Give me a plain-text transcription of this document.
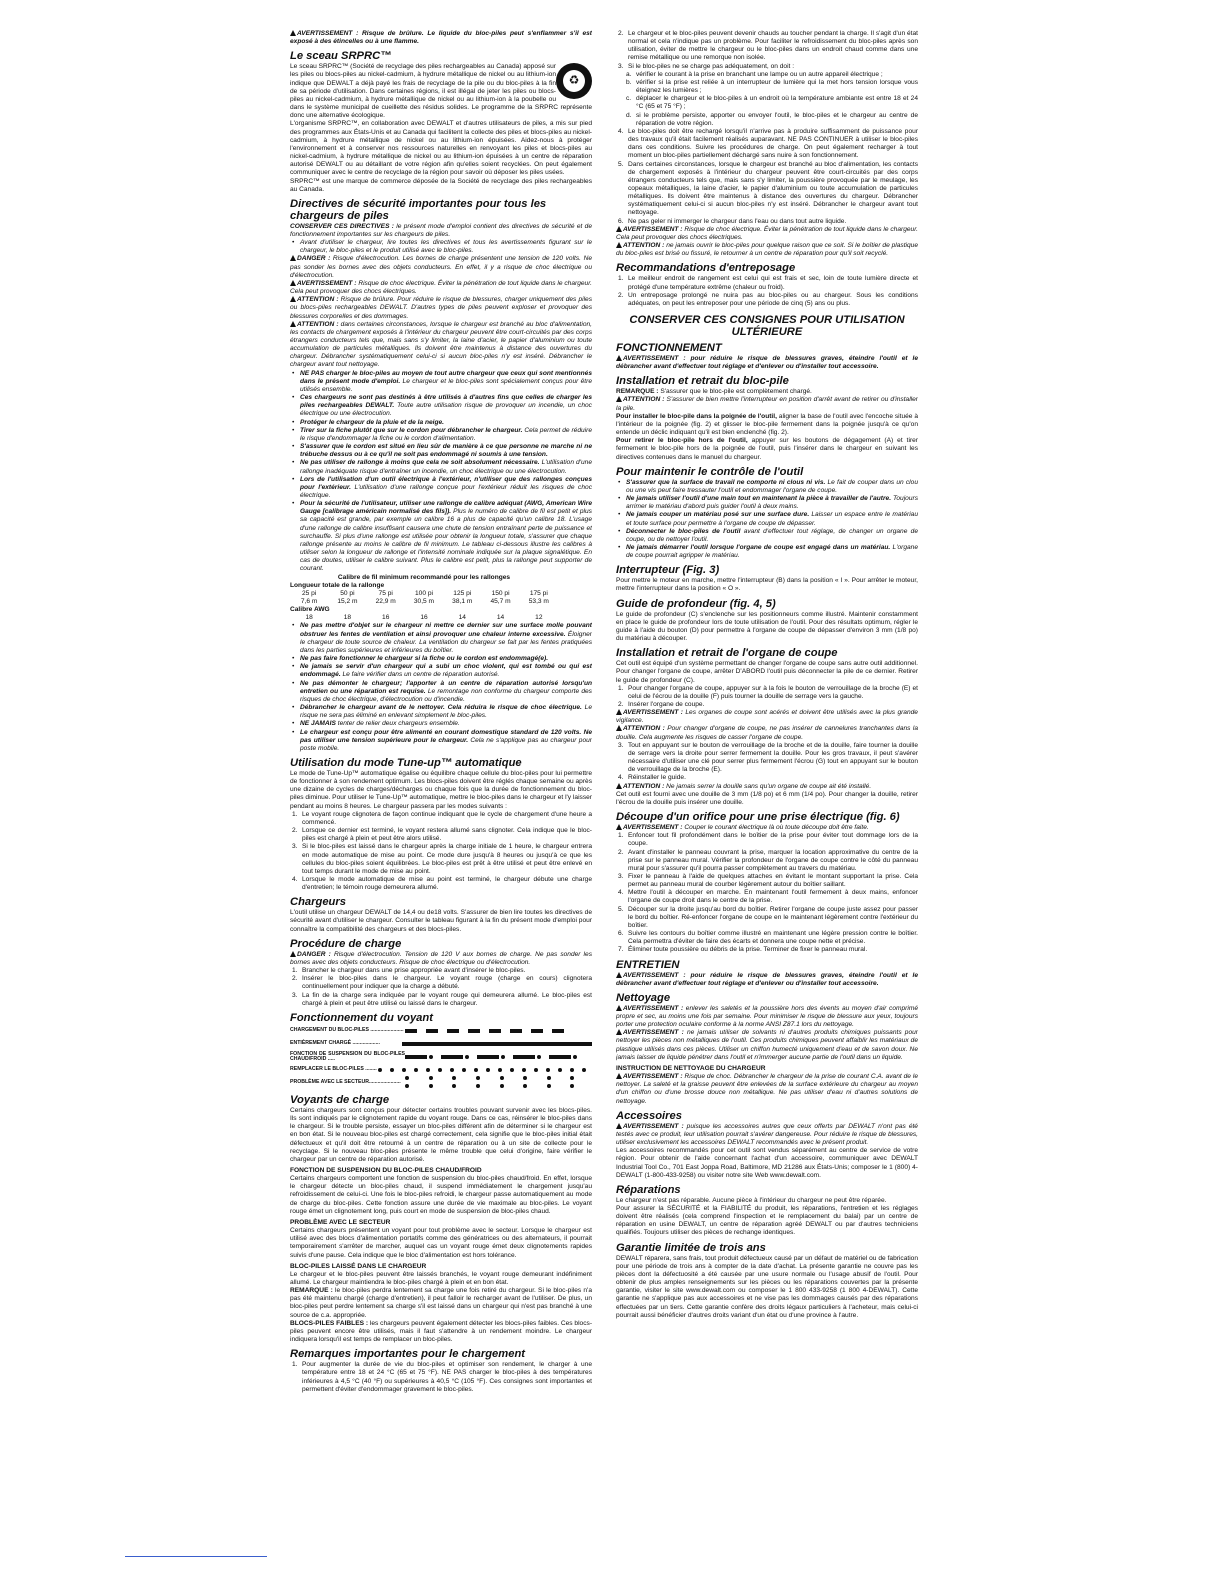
AVERTISSEMENT : Risque de brûlure. Le liquide du bloc-piles peut s'enflammer s'il est exposé à des étincelles ou à une flamme.

Le sceau SRPRC™
♻

Le sceau SRPRC™ (Société de recyclage des piles rechargeables au Canada) apposé sur les piles ou blocs-piles au nickel-cadmium, à hydrure métallique de nickel ou au lithium-ion indique que DEWALT a déjà payé les frais de recyclage de la pile ou du bloc-piles à la fin de sa période d'utilisation. Dans certaines régions, il est illégal de jeter les piles ou blocs-piles au nickel-cadmium, à hydrure métallique de nickel ou au lithium-ion à la poubelle ou dans le système municipal de cueillette des résidus solides. Le programme de la SRPRC représente donc une alternative écologique.

L'organisme SRPRC™, en collaboration avec DEWALT et d'autres utilisateurs de piles, a mis sur pied des programmes aux États-Unis et au Canada qui facilitent la collecte des piles et blocs-piles au nickel-cadmium, à hydrure métallique de nickel ou au lithium-ion épuisées. Aidez-nous à protéger l'environnement et à conserver nos ressources naturelles en renvoyant les piles et blocs-piles au nickel-cadmium, à hydrure métallique de nickel ou au lithium-ion épuisées à un centre de réparation autorisé DEWALT ou au détaillant de votre région afin qu'elles soient recyclées. On peut également communiquer avec le centre de recyclage de la région pour savoir où déposer les piles usées.

SRPRC™ est une marque de commerce déposée de la Société de recyclage des piles rechargeables au Canada.

Directives de sécurité importantes pour tous les chargeurs de piles

CONSERVER CES DIRECTIVES : le présent mode d'emploi contient des directives de sécurité et de fonctionnement importantes sur les chargeurs de piles.

• Avant d'utiliser le chargeur, lire toutes les directives et tous les avertissements figurant sur le chargeur, le bloc-piles et le produit utilisé avec le bloc-piles.

DANGER : Risque d'électrocution. Les bornes de charge présentent une tension de 120 volts. Ne pas sonder les bornes avec des objets conducteurs. En effet, il y a risque de choc électrique ou d'électrocution.

AVERTISSEMENT : Risque de choc électrique. Éviter la pénétration de tout liquide dans le chargeur. Cela peut provoquer des chocs électriques.

ATTENTION : Risque de brûlure. Pour réduire le risque de blessures, charger uniquement des piles ou blocs-piles rechargeables DEWALT. D'autres types de piles peuvent exploser et provoquer des blessures corporelles et des dommages.

ATTENTION : dans certaines circonstances, lorsque le chargeur est branché au bloc d'alimentation, les contacts de chargement exposés à l'intérieur du chargeur peuvent être court-circuités par des corps étrangers conducteurs tels que, mais sans s'y limiter, la laine d'acier, le papier d'aluminium ou toute accumulation de particules métalliques. Ils doivent être maintenus à distance des ouvertures du chargeur. Débrancher systématiquement celui-ci si aucun bloc-piles n'y est inséré. Débrancher le chargeur avant tout nettoyage.

• NE PAS charger le bloc-piles au moyen de tout autre chargeur que ceux qui sont mentionnés dans le présent mode d'emploi. Le chargeur et le bloc-piles sont spécialement conçus pour être utilisés ensemble.

• Ces chargeurs ne sont pas destinés à être utilisés à d'autres fins que celles de charger les piles rechargeables DEWALT. Toute autre utilisation risque de provoquer un incendie, un choc électrique ou une électrocution.

• Protéger le chargeur de la pluie et de la neige.

• Tirer sur la fiche plutôt que sur le cordon pour débrancher le chargeur. Cela permet de réduire le risque d'endommager la fiche ou le cordon d'alimentation.

• S'assurer que le cordon est situé en lieu sûr de manière à ce que personne ne marche ni ne trébuche dessus ou à ce qu'il ne soit pas endommagé ni soumis à une tension.

• Ne pas utiliser de rallonge à moins que cela ne soit absolument nécessaire. L'utilisation d'une rallonge inadéquate risque d'entraîner un incendie, un choc électrique ou une électrocution.

• Lors de l'utilisation d'un outil électrique à l'extérieur, n'utiliser que des rallonges conçues pour l'extérieur. L'utilisation d'une rallonge conçue pour l'extérieur réduit les risques de choc électrique.

• Pour la sécurité de l'utilisateur, utiliser une rallonge de calibre adéquat (AWG, American Wire Gauge [calibrage américain normalisé des fils]). Plus le numéro de calibre de fil est petit et plus sa capacité est grande, par exemple un calibre 16 a plus de capacité qu'un calibre 18. L'usage d'une rallonge de calibre insuffisant causera une chute de tension entraînant perte de puissance et surchauffe. Si plus d'une rallonge est utilisée pour obtenir la longueur totale, s'assurer que chaque rallonge présente au moins le calibre de fil minimum. Le tableau ci-dessous illustre les calibres à utiliser selon la longueur de rallonge et l'intensité nominale indiquée sur la plaque signalétique. En cas de doutes, utiliser le calibre suivant. Plus le calibre est petit, plus la rallonge peut supporter de courant.

Calibre de fil minimum recommandé pour les rallonges
Longueur totale de la rallonge
25 pi	50 pi	75 pi	100 pi	125 pi	150 pi	175 pi
7,6 m	15,2 m	22,9 m	30,5 m	38,1 m	45,7 m	53,3 m
Calibre AWG
18	18	16	16	14	14	12

• Ne pas mettre d'objet sur le chargeur ni mettre ce dernier sur une surface molle pouvant obstruer les fentes de ventilation et ainsi provoquer une chaleur interne excessive. Éloigner le chargeur de toute source de chaleur. La ventilation du chargeur se fait par les fentes pratiquées dans les parties supérieures et inférieures du boîtier.

• Ne pas faire fonctionner le chargeur si la fiche ou le cordon est endommagé(e).

• Ne jamais se servir d'un chargeur qui a subi un choc violent, qui est tombé ou qui est endommagé. Le faire vérifier dans un centre de réparation autorisé.

• Ne pas démonter le chargeur; l'apporter à un centre de réparation autorisé lorsqu'un entretien ou une réparation est requise. Le remontage non conforme du chargeur comporte des risques de choc électrique, d'électrocution ou d'incendie.

• Débrancher le chargeur avant de le nettoyer. Cela réduira le risque de choc électrique. Le risque ne sera pas éliminé en enlevant simplement le bloc-piles.

• NE JAMAIS tenter de relier deux chargeurs ensemble.

• Le chargeur est conçu pour être alimenté en courant domestique standard de 120 volts. Ne pas utiliser une tension supérieure pour le chargeur. Cela ne s'applique pas au chargeur pour poste mobile.

Utilisation du mode Tune-up™ automatique

Le mode de Tune-Up™ automatique égalise ou équilibre chaque cellule du bloc-piles pour lui permettre de fonctionner à son rendement optimum. Les blocs-piles doivent être réglés chaque semaine ou après une dizaine de cycles de charges/décharges ou chaque fois que la durée de fonctionnement du bloc-piles diminue. Pour utiliser le Tune-Up™ automatique, mettre le bloc-piles dans le chargeur et l'y laisser pendant au moins 8 heures. Le chargeur passera par les modes suivants :

1. Le voyant rouge clignotera de façon continue indiquant que le cycle de chargement d'une heure a commencé.

2. Lorsque ce dernier est terminé, le voyant restera allumé sans clignoter. Cela indique que le bloc-piles est chargé à plein et peut être alors utilisé.

3. Si le bloc-piles est laissé dans le chargeur après la charge initiale de 1 heure, le chargeur entrera en mode automatique de mise au point. Ce mode dure jusqu'à 8 heures ou jusqu'à ce que les cellules du bloc-piles soient équilibrées. Le bloc-piles est prêt à être utilisé et peut être enlevé en tout temps durant le mode de mise au point.

4. Lorsque le mode automatique de mise au point est terminé, le chargeur débute une charge d'entretien; le témoin rouge demeurera allumé.

Chargeurs

L'outil utilise un chargeur DEWALT de 14,4 ou de18 volts. S'assurer de bien lire toutes les directives de sécurité avant d'utiliser le chargeur. Consulter le tableau figurant à la fin du présent mode d'emploi pour connaître la compatibilité des chargeurs et des blocs-piles.

Procédure de charge

DANGER : Risque d'électrocution. Tension de 120 V aux bornes de charge. Ne pas sonder les bornes avec des objets conducteurs. Risque de choc électrique ou d'électrocution.

1. Brancher le chargeur dans une prise appropriée avant d'insérer le bloc-piles.

2. Insérer le bloc-piles dans le chargeur. Le voyant rouge (charge en cours) clignotera continuellement pour indiquer que la charge a débuté.

3. La fin de la charge sera indiquée par le voyant rouge qui demeurera allumé. Le bloc-piles est chargé à plein et peut être utilisé ou laissé dans le chargeur.

Fonctionnement du voyant
CHARGEMENT DU BLOC-PILES .......................
ENTIÈREMENT CHARGÉ ...................
FONCTION DE SUSPENSION DU BLOC-PILES CHAUD/FROID .....
REMPLACER LE BLOC-PILES ........
PROBLÈME AVEC LE SECTEUR......................
Voyants de charge

Certains chargeurs sont conçus pour détecter certains troubles pouvant survenir avec les blocs-piles. Ils sont indiqués par le clignotement rapide du voyant rouge. Dans ce cas, réinsérer le bloc-piles dans le chargeur. Si le trouble persiste, essayer un bloc-piles différent afin de déterminer si le chargeur est en bon état. Si le nouveau bloc-piles est chargé correctement, cela signifie que le bloc-piles initial était défectueux et qu'il doit être retourné à un centre de réparation ou à un site de collecte pour le recyclage. Si le nouveau bloc-piles présente le même trouble que celui d'origine, faire vérifier le chargeur par un centre de réparation autorisé.

FONCTION DE SUSPENSION DU BLOC-PILES CHAUD/FROID

Certains chargeurs comportent une fonction de suspension du bloc-piles chaud/froid. En effet, lorsque le chargeur détecte un bloc-piles chaud, il suspend immédiatement le chargement jusqu'au refroidissement de celui-ci. Une fois le bloc-piles refroidi, le chargeur passe automatiquement au mode de charge du bloc-piles. Cette fonction assure une durée de vie maximale au bloc-piles. Le voyant rouge émet un clignotement long, puis court en mode de suspension de bloc-piles chaud.

PROBLÈME AVEC LE SECTEUR

Certains chargeurs présentent un voyant pour tout problème avec le secteur. Lorsque le chargeur est utilisé avec des blocs d'alimentation portatifs comme des génératrices ou des alternateurs, il pourrait temporairement s'arrêter de marcher, auquel cas un voyant rouge émet deux clignotements rapides suivis d'une pause. Cela indique que le bloc d'alimentation est hors tolérance.

BLOC-PILES LAISSÉ DANS LE CHARGEUR

Le chargeur et le bloc-piles peuvent être laissés branchés, le voyant rouge demeurant indéfiniment allumé. Le chargeur maintiendra le bloc-piles chargé à plein et en bon état.

REMARQUE : le bloc-piles perdra lentement sa charge une fois retiré du chargeur. Si le bloc-piles n'a pas été maintenu chargé (charge d'entretien), il peut falloir le recharger avant de l'utiliser. De plus, un bloc-piles peut perdre lentement sa charge s'il est laissé dans un chargeur qui n'est pas branché à une source de c.a. appropriée.

BLOCS-PILES FAIBLES : les chargeurs peuvent également détecter les blocs-piles faibles. Ces blocs-piles peuvent encore être utilisés, mais il faut s'attendre à un rendement moindre. Le chargeur indiquera lorsqu'il est temps de remplacer un bloc-piles.

Remarques importantes pour le chargement

1. Pour augmenter la durée de vie du bloc-piles et optimiser son rendement, le charger à une température entre 18 et 24 °C (65 et 75 °F). NE PAS charger le bloc-piles à des températures inférieures à 4,5 °C (40 °F) ou supérieures à 40,5 °C (105 °F). Ces consignes sont importantes et permettent d'éviter d'endommager gravement le bloc-piles.

2. Le chargeur et le bloc-piles peuvent devenir chauds au toucher pendant la charge. Il s'agit d'un état normal et cela n'indique pas un problème. Pour faciliter le refroidissement du bloc-piles après son utilisation, éviter de mettre le chargeur ou le bloc-piles dans un endroit chaud comme dans une remise métallique ou une remorque non isolée.

3. Si le bloc-piles ne se charge pas adéquatement, on doit :

a. vérifier le courant à la prise en branchant une lampe ou un autre appareil électrique ;

b. vérifier si la prise est reliée à un interrupteur de lumière qui la met hors tension lorsque vous éteignez les lumières ;

c. déplacer le chargeur et le bloc-piles à un endroit où la température ambiante est entre 18 et 24 °C (65 et 75 °F) ;

d. si le problème persiste, apporter ou envoyer l'outil, le bloc-piles et le chargeur au centre de réparation de votre région.

4. Le bloc-piles doit être rechargé lorsqu'il n'arrive pas à produire suffisamment de puissance pour des travaux qu'il était facilement réalisés auparavant. NE PAS CONTINUER à utiliser le bloc-piles dans ces conditions. Suivre les procédures de charge. On peut également recharger à tout moment un bloc-piles partiellement déchargé sans nuire à son fonctionnement.

5. Dans certaines circonstances, lorsque le chargeur est branché au bloc d'alimentation, les contacts de chargement exposés à l'intérieur du chargeur peuvent être court-circuités par des corps étrangers conducteurs tels que, mais sans s'y limiter, la poussière provoquée par le meulage, les copeaux métalliques, la laine d'acier, le papier d'aluminium ou toute accumulation de particules métalliques. Ils doivent être maintenus à distance des ouvertures du chargeur. Débrancher systématiquement celui-ci si aucun bloc-piles n'y est inséré. Débrancher le chargeur avant tout nettoyage.

6. Ne pas geler ni immerger le chargeur dans l'eau ou dans tout autre liquide.

AVERTISSEMENT : Risque de choc électrique. Éviter la pénétration de tout liquide dans le chargeur. Cela peut provoquer des chocs électriques.

ATTENTION : ne jamais ouvrir le bloc-piles pour quelque raison que ce soit. Si le boîtier de plastique du bloc-piles est brisé ou fissuré, le retourner à un centre de réparation pour qu'il soit recyclé.

Recommandations d'entreposage

1. Le meilleur endroit de rangement est celui qui est frais et sec, loin de toute lumière directe et protégé d'une température extrême (chaleur ou froid).

2. Un entreposage prolongé ne nuira pas au bloc-piles ou au chargeur. Sous les conditions adéquates, on peut les entreposer pour une période de cinq (5) ans ou plus.

CONSERVER CES CONSIGNES POUR UTILISATION ULTÉRIEURE
FONCTIONNEMENT

AVERTISSEMENT : pour réduire le risque de blessures graves, éteindre l'outil et le débrancher avant d'effectuer tout réglage et d'enlever ou d'installer tout accessoire.

Installation et retrait du bloc-pile

REMARQUE : S'assurer que le bloc-pile est complètement chargé.

ATTENTION : S'assurer de bien mettre l'interrupteur en position d'arrêt avant de retirer ou d'installer la pile.

Pour installer le bloc-pile dans la poignée de l'outil, aligner la base de l'outil avec l'encoche située à l'intérieur de la poignée (fig. 2) et glisser le bloc-pile fermement dans la poignée jusqu'à ce qu'on entende un déclic indiquant qu'il est bien enclenché (fig. 2).

Pour retirer le bloc-pile hors de l'outil, appuyer sur les boutons de dégagement (A) et tirer fermement le bloc-pile hors de la poignée de l'outil, puis l'insérer dans le chargeur en suivant les directives contenues dans le manuel du chargeur.

Pour maintenir le contrôle de l'outil

• S'assurer que la surface de travail ne comporte ni clous ni vis. Le fait de couper dans un clou ou une vis peut faire tressauter l'outil et endommager l'organe de coupe.

• Ne jamais utiliser l'outil d'une main tout en maintenant la pièce à travailler de l'autre. Toujours arrimer le matériau d'abord puis guider l'outil à deux mains.

• Ne jamais couper un matériau posé sur une surface dure. Laisser un espace entre le matériau et toute surface pour permettre à l'organe de coupe de dépasser.

• Déconnecter le bloc-piles de l'outil avant d'effectuer tout réglage, de changer un organe de coupe, ou de nettoyer l'outil.

• Ne jamais démarrer l'outil lorsque l'organe de coupe est engagé dans un matériau. L'organe de coupe pourrait agripper le matériau.

Interrupteur (Fig. 3)

Pour mettre le moteur en marche, mettre l'interrupteur (B) dans la position « I ». Pour arrêter le moteur, mettre l'interrupteur dans la position « O ».

Guide de profondeur (fig. 4, 5)

Le guide de profondeur (C) s'enclenche sur les positionneurs comme illustré. Maintenir constamment en place le guide de profondeur lors de toute utilisation de l'outil. Pour des résultats optimum, régler le guide à l'aide du bouton (D) pour permettre à l'organe de coupe de dépasser d'environ 3 mm (1/8 po) du matériau à découper.

Installation et retrait de l'organe de coupe

Cet outil est équipé d'un système permettant de changer l'organe de coupe sans autre outil additionnel. Pour changer l'organe de coupe, arrêter D'ABORD l'outil puis déconnecter la pile de ce dernier. Retirer le guide de profondeur (C).

1. Pour changer l'organe de coupe, appuyer sur à la fois le bouton de verrouillage de la broche (E) et celui de l'écrou de la douille (F) puis tourner la douille de serrage vers la gauche.

2. Insérer l'organe de coupe.

AVERTISSEMENT : Les organes de coupe sont acérés et doivent être utilisés avec la plus grande vigilance.

ATTENTION : Pour changer d'organe de coupe, ne pas insérer de cannelures tranchantes dans la douille. Cela augmente les risques de casser l'organe de coupe.

3. Tout en appuyant sur le bouton de verrouillage de la broche et de la douille, faire tourner la douille de serrage vers la droite pour serrer fermement la douille. Pour les gros travaux, il peut s'avérer nécessaire d'utiliser une clé pour serrer plus fermement l'écrou (G) tout en appuyant sur le bouton de verrouillage de la broche (E).

4. Réinstaller le guide.

ATTENTION : Ne jamais serrer la douille sans qu'un organe de coupe ait été installé.

Cet outil est fourni avec une douille de 3 mm (1/8 po) et 6 mm (1/4 po). Pour changer la douille, retirer l'écrou de la douille puis insérer une douille.

Découpe d'un orifice pour une prise électrique (fig. 6)

AVERTISSEMENT : Couper le courant électrique là où toute découpe doit être faite.

1. Enfoncer tout fil profondément dans le boîtier de la prise pour éviter tout dommage lors de la coupe.

2. Avant d'installer le panneau couvrant la prise, marquer la location approximative du centre de la prise sur le panneau mural. Vérifier la profondeur de l'organe de coupe contre le côté du panneau mural pour s'assurer qu'il pourra passer complètement au travers du matériau.

3. Fixer le panneau à l'aide de quelques attaches en évitant le montant supportant la prise. Cela permet au panneau mural de courber légèrement autour du boîtier saillant.

4. Mettre l'outil à découper en marche. En maintenant l'outil fermement à deux mains, enfoncer l'organe de coupe droit dans le centre de la prise.

5. Découper sur la droite jusqu'au bord du boîtier. Retirer l'organe de coupe juste assez pour passer le bord du boîtier. Ré-enfoncer l'organe de coupe en le maintenant légèrement contre l'extérieur du boîtier.

6. Suivre les contours du boîtier comme illustré en maintenant une légère pression contre le boîtier. Cela permettra d'éviter de faire des écarts et donnera une coupe nette et précise.

7. Éliminer toute poussière ou débris de la prise. Terminer de fixer le panneau mural.

ENTRETIEN

AVERTISSEMENT : pour réduire le risque de blessures graves, éteindre l'outil et le débrancher avant d'effectuer tout réglage et d'enlever ou d'installer tout accessoire.

Nettoyage

AVERTISSEMENT : enlever les saletés et la poussière hors des évents au moyen d'air comprimé propre et sec, au moins une fois par semaine. Pour minimiser le risque de blessure aux yeux, toujours porter une protection oculaire conforme à la norme ANSI Z87.1 lors du nettoyage.

AVERTISSEMENT : ne jamais utiliser de solvants ni d'autres produits chimiques puissants pour nettoyer les pièces non métalliques de l'outil. Ces produits chimiques peuvent affaiblir les matériaux de plastique utilisés dans ces pièces. Utiliser un chiffon humecté uniquement d'eau et de savon doux. Ne jamais laisser de liquide pénétrer dans l'outil et n'immerger aucune partie de l'outil dans un liquide.

INSTRUCTION DE NETTOYAGE DU CHARGEUR

AVERTISSEMENT : Risque de choc. Débrancher le chargeur de la prise de courant C.A. avant de le nettoyer. La saleté et la graisse peuvent être enlevées de la surface extérieure du chargeur au moyen d'un chiffon ou d'une brosse douce non métallique. Ne pas utiliser d'eau ni d'autres solutions de nettoyage.

Accessoires

AVERTISSEMENT : puisque les accessoires autres que ceux offerts par DEWALT n'ont pas été testés avec ce produit, leur utilisation pourrait s'avérer dangereuse. Pour réduire le risque de blessures, utiliser exclusivement les accessoires DEWALT recommandés avec le présent produit.

Les accessoires recommandés pour cet outil sont vendus séparément au centre de service de votre région. Pour obtenir de l'aide concernant l'achat d'un accessoire, communiquer avec DEWALT Industrial Tool Co., 701 East Joppa Road, Baltimore, MD 21286 aux États-Unis; composer le 1 (800) 4-DEWALT (1-800-433-9258) ou visiter notre site Web www.dewalt.com.

Réparations

Le chargeur n'est pas réparable. Aucune pièce à l'intérieur du chargeur ne peut être réparée.

Pour assurer la SÉCURITÉ et la FIABILITÉ du produit, les réparations, l'entretien et les réglages doivent être réalisés (cela comprend l'inspection et le remplacement du balai) par un centre de réparation en usine DEWALT, un centre de réparation agréé DEWALT ou par d'autres techniciens qualifiés. Toujours utiliser des pièces de rechange identiques.

Garantie limitée de trois ans

DEWALT réparera, sans frais, tout produit défectueux causé par un défaut de matériel ou de fabrication pour une période de trois ans à compter de la date d'achat. La présente garantie ne couvre pas les pièces dont la défectuosité a été causée par une usure normale ou l'usage abusif de l'outil. Pour obtenir de plus amples renseignements sur les pièces ou les réparations couvertes par la présente garantie, visiter le site www.dewalt.com ou composer le 1 800 433-9258 (1 800 4-DEWALT). Cette garantie ne s'applique pas aux accessoires et ne vise pas les dommages causés par des réparations effectuées par un tiers. Cette garantie confère des droits légaux particuliers à l'acheteur, mais celui-ci pourrait aussi bénéficier d'autres droits variant d'un état ou d'une province à l'autre.
